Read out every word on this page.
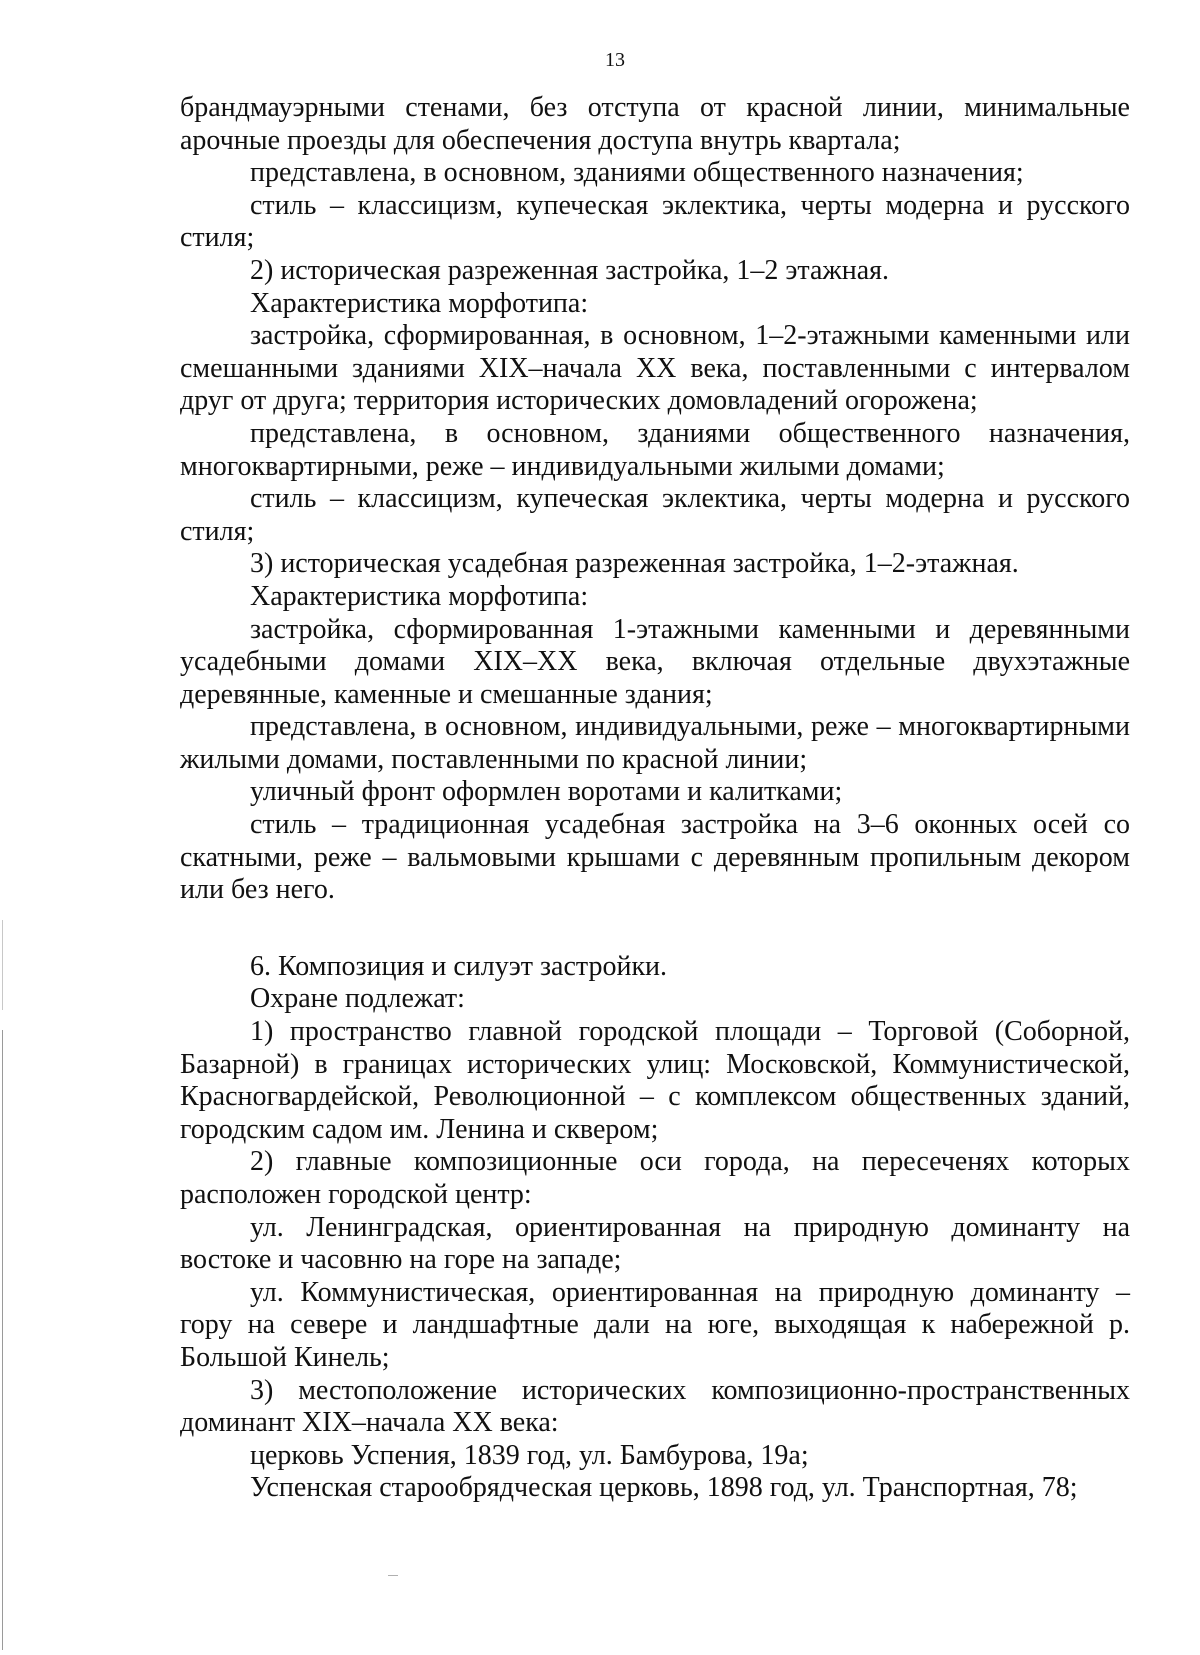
13

брандмауэрными стенами, без отступа от красной линии, минимальные арочные проезды для обеспечения доступа внутрь квартала;

представлена, в основном, зданиями общественного назначения;

стиль – классицизм, купеческая эклектика, черты модерна и русского стиля;

2) историческая разреженная застройка, 1–2 этажная.

Характеристика морфотипа:

застройка, сформированная, в основном, 1–2-этажными каменными или смешанными зданиями XIX–начала XX века, поставленными с интервалом друг от друга; территория исторических домовладений огорожена;

представлена, в основном, зданиями общественного назначения, многоквартирными, реже – индивидуальными жилыми домами;

стиль – классицизм, купеческая эклектика, черты модерна и русского стиля;

3) историческая усадебная разреженная застройка, 1–2-этажная.

Характеристика морфотипа:

застройка, сформированная 1-этажными каменными и деревянными усадебными домами XIX–XX века, включая отдельные двухэтажные деревянные, каменные и смешанные здания;

представлена, в основном, индивидуальными, реже – многоквартирными жилыми домами, поставленными по красной линии;

уличный фронт оформлен воротами и калитками;

стиль – традиционная усадебная застройка на 3–6 оконных осей со скатными, реже – вальмовыми крышами с деревянным пропильным декором или без него.

6. Композиция и силуэт застройки.

Охране подлежат:

1) пространство главной городской площади – Торговой (Соборной, Базарной) в границах исторических улиц: Московской, Коммунистической, Красногвардейской, Революционной – с комплексом общественных зданий, городским садом им. Ленина и сквером;

2) главные композиционные оси города, на пересеченях которых расположен городской центр:

ул. Ленинградская, ориентированная на природную доминанту на востоке и часовню на горе на западе;

ул. Коммунистическая, ориентированная на природную доминанту – гору на севере и ландшафтные дали на юге, выходящая к набережной р. Большой Кинель;

3) местоположение исторических композиционно-пространственных доминант XIX–начала XX века:

церковь Успения, 1839 год, ул. Бамбурова, 19а;

Успенская старообрядческая церковь, 1898 год, ул. Транспортная, 78;
